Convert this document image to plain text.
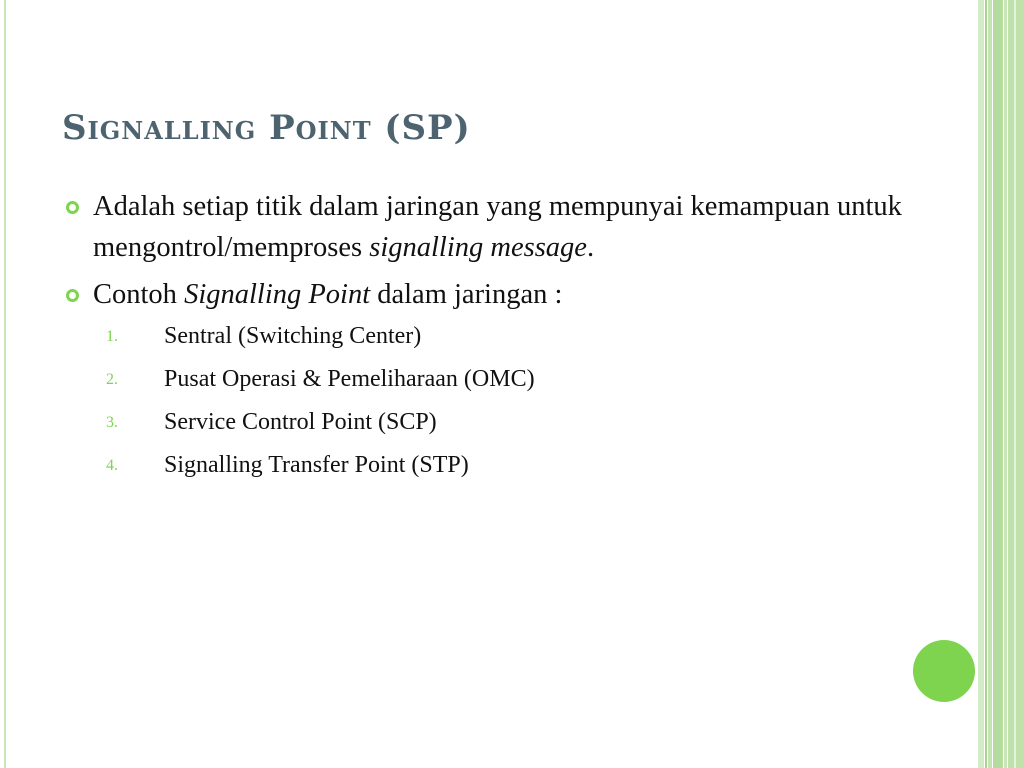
Signalling Point (SP)
Adalah setiap titik dalam jaringan yang mempunyai kemampuan untuk mengontrol/memproses signalling message.
Contoh Signalling Point dalam jaringan :
1. Sentral (Switching Center)
2. Pusat Operasi & Pemeliharaan (OMC)
3. Service Control Point (SCP)
4. Signalling Transfer Point (STP)
